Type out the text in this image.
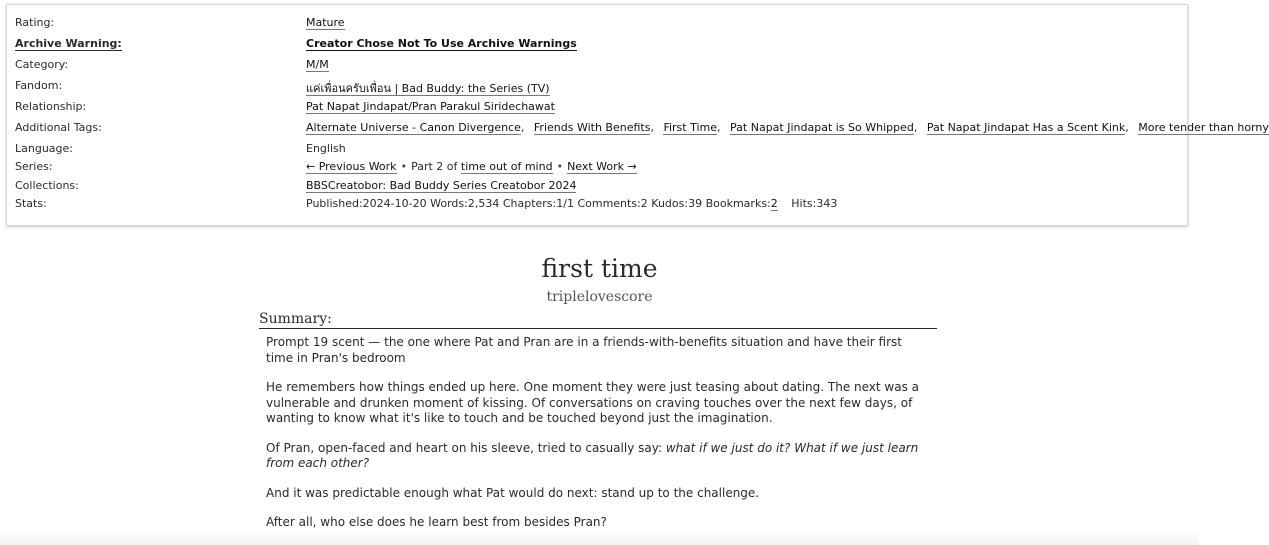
Rating:	Mature
Archive Warning:	Creator Chose Not To Use Archive Warnings
Category:	M/M
Fandom:	แค่เพื่อนครับเพื่อน | Bad Buddy: the Series (TV)
Relationship:	Pat Napat Jindapat/Pran Parakul Siridechawat
Additional Tags:	Alternate Universe - Canon Divergence, Friends With Benefits, First Time, Pat Napat Jindapat is So Whipped, Pat Napat Jindapat Has a Scent Kink, More tender than horny
Language:	English
Series:	← Previous Work • Part 2 of time out of mind • Next Work →
Collections:	BBSCreatobor: Bad Buddy Series Creatobor 2024
Stats:	Published:2024-10-20 Words:2,534 Chapters:1/1 Comments:2 Kudos:39 Bookmarks:2 Hits:343
first time
triplelovescore
Summary:

Prompt 19 scent — the one where Pat and Pran are in a friends-with-benefits situation and have their first time in Pran's bedroom

He remembers how things ended up here. One moment they were just teasing about dating. The next was a vulnerable and drunken moment of kissing. Of conversations on craving touches over the next few days, of wanting to know what it's like to touch and be touched beyond just the imagination.

Of Pran, open-faced and heart on his sleeve, tried to casually say: what if we just do it? What if we just learn from each other?

And it was predictable enough what Pat would do next: stand up to the challenge.

After all, who else does he learn best from besides Pran?
